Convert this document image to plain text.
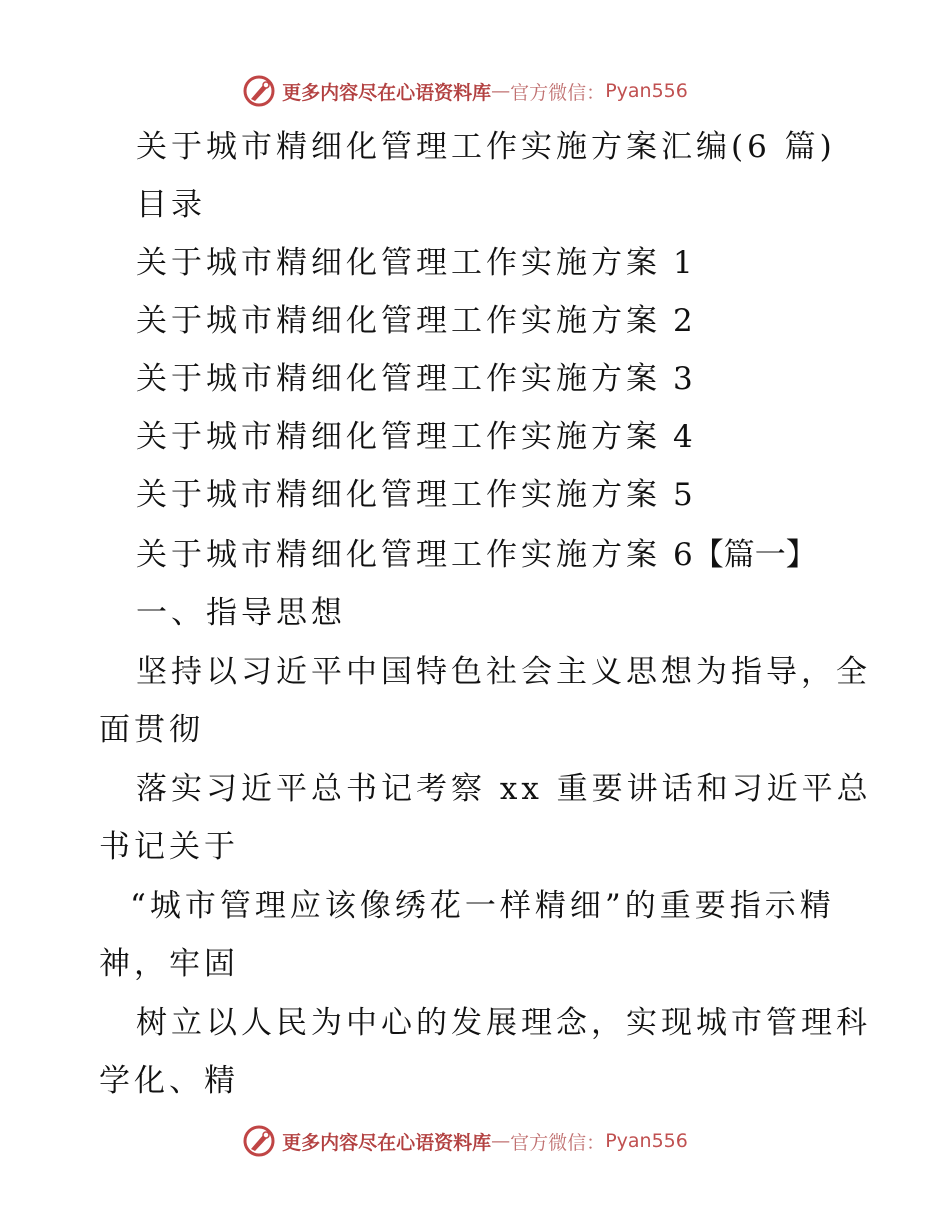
更多内容尽在心语资料库 — 官方微信： Pyan556
关于城市精细化管理工作实施方案汇编(6 篇)
目录
关于城市精细化管理工作实施方案 1
关于城市精细化管理工作实施方案 2
关于城市精细化管理工作实施方案 3
关于城市精细化管理工作实施方案 4
关于城市精细化管理工作实施方案 5
关于城市精细化管理工作实施方案 6【篇一】
一、指导思想
坚持以习近平中国特色社会主义思想为指导，全
面贯彻
落实习近平总书记考察 xx 重要讲话和习近平总
书记关于
“城市管理应该像绣花一样精细”的重要指示精
神，牢固
树立以人民为中心的发展理念，实现城市管理科
学化、精
更多内容尽在心语资料库 — 官方微信： Pyan556
